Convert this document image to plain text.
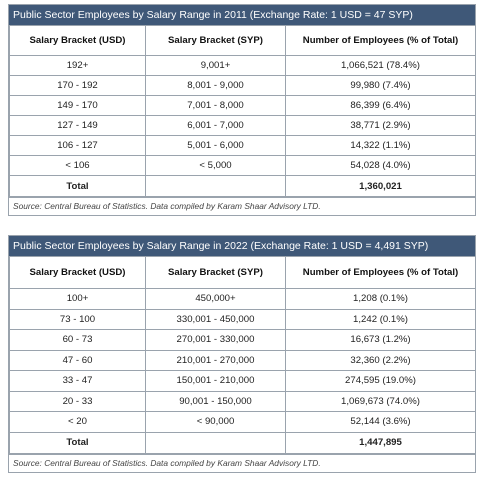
Public Sector Employees by Salary Range in 2011 (Exchange Rate: 1 USD = 47 SYP)
Salary Bracket (USD)	Salary Bracket (SYP)	Number of Employees (% of Total)
192+	9,001+	1,066,521 (78.4%)
170 - 192	8,001 - 9,000	99,980 (7.4%)
149 - 170	7,001 - 8,000	86,399 (6.4%)
127 - 149	6,001 - 7,000	38,771 (2.9%)
106 - 127	5,001 - 6,000	14,322 (1.1%)
< 106	< 5,000	54,028 (4.0%)
Total		1,360,021
Source: Central Bureau of Statistics. Data compiled by Karam Shaar Advisory LTD.
Public Sector Employees by Salary Range in 2022 (Exchange Rate: 1 USD = 4,491 SYP)
Salary Bracket (USD)	Salary Bracket (SYP)	Number of Employees (% of Total)
100+	450,000+	1,208 (0.1%)
73 - 100	330,001 - 450,000	1,242 (0.1%)
60 - 73	270,001 - 330,000	16,673 (1.2%)
47 - 60	210,001 - 270,000	32,360 (2.2%)
33 - 47	150,001 - 210,000	274,595 (19.0%)
20 - 33	90,001 - 150,000	1,069,673 (74.0%)
< 20	< 90,000	52,144 (3.6%)
Total		1,447,895
Source: Central Bureau of Statistics. Data compiled by Karam Shaar Advisory LTD.
